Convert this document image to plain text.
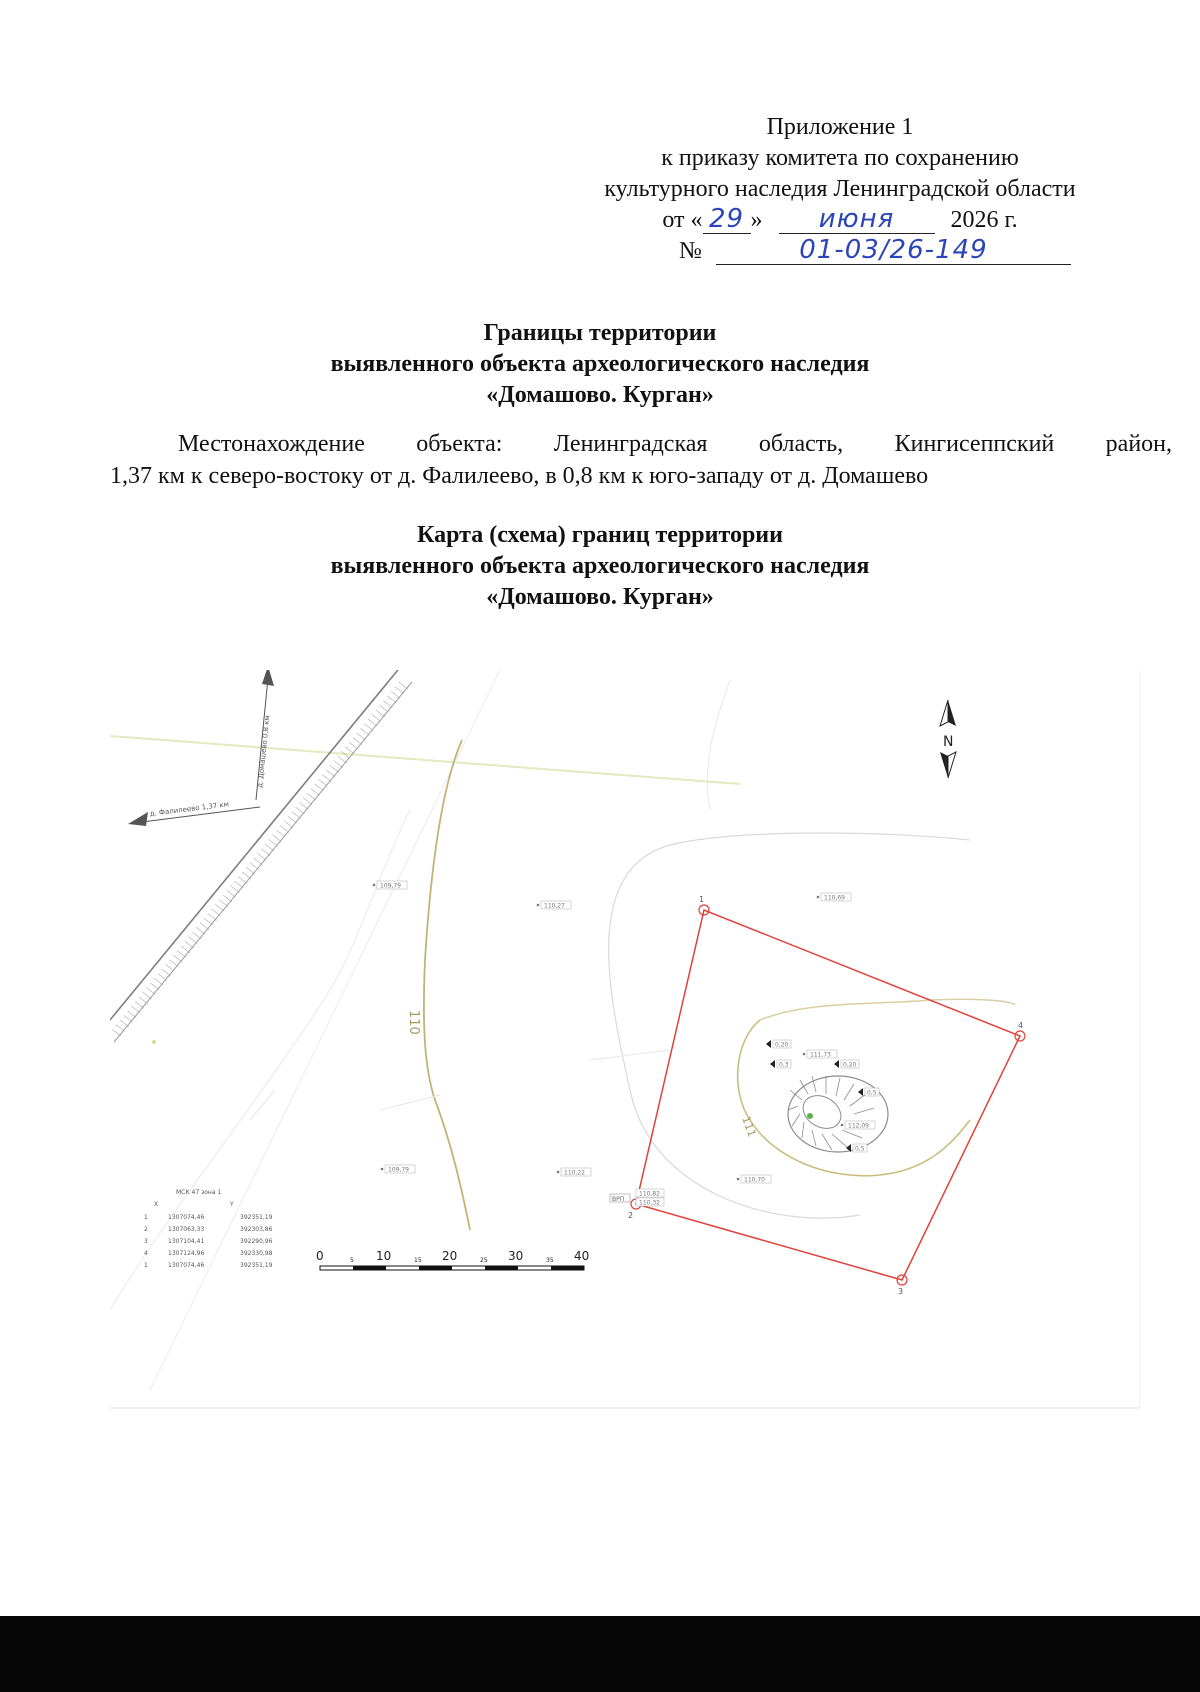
Приложение 1
к приказу комитета по сохранению
культурного наследия Ленинградской области
от « 29 » июня 2026 г.
№	01-03/26-149
Границы территории
выявленного объекта археологического наследия
«Домашово. Курган»
Местонахождение объекта: Ленинградская область, Кингисеппский район,
1,37 км к северо-востоку от д. Фалилеево, в 0,8 км к юго-западу от д. Домашево
Карта (схема) границ территории
выявленного объекта археологического наследия
«Домашово. Курган»
д. Фалилеево 1,37 км
д. Домашево 0,8 км	N
110
111
1
2
3
4
ВРП
109,79
110,27
110,69
109,79	110,22
110,70
112,09
111,73
110,82
110,32
0,20
0,3	0,20
0,5
0,5
МСК 47 зона 1
X	Y
1	1307074,46	392351,19
2	1307063,33	392303,86
3	1307104,41	392290,96
4	1307124,96	392330,98
1	1307074,46	392351,19
0	5 10	15 20	25 30	35 40
